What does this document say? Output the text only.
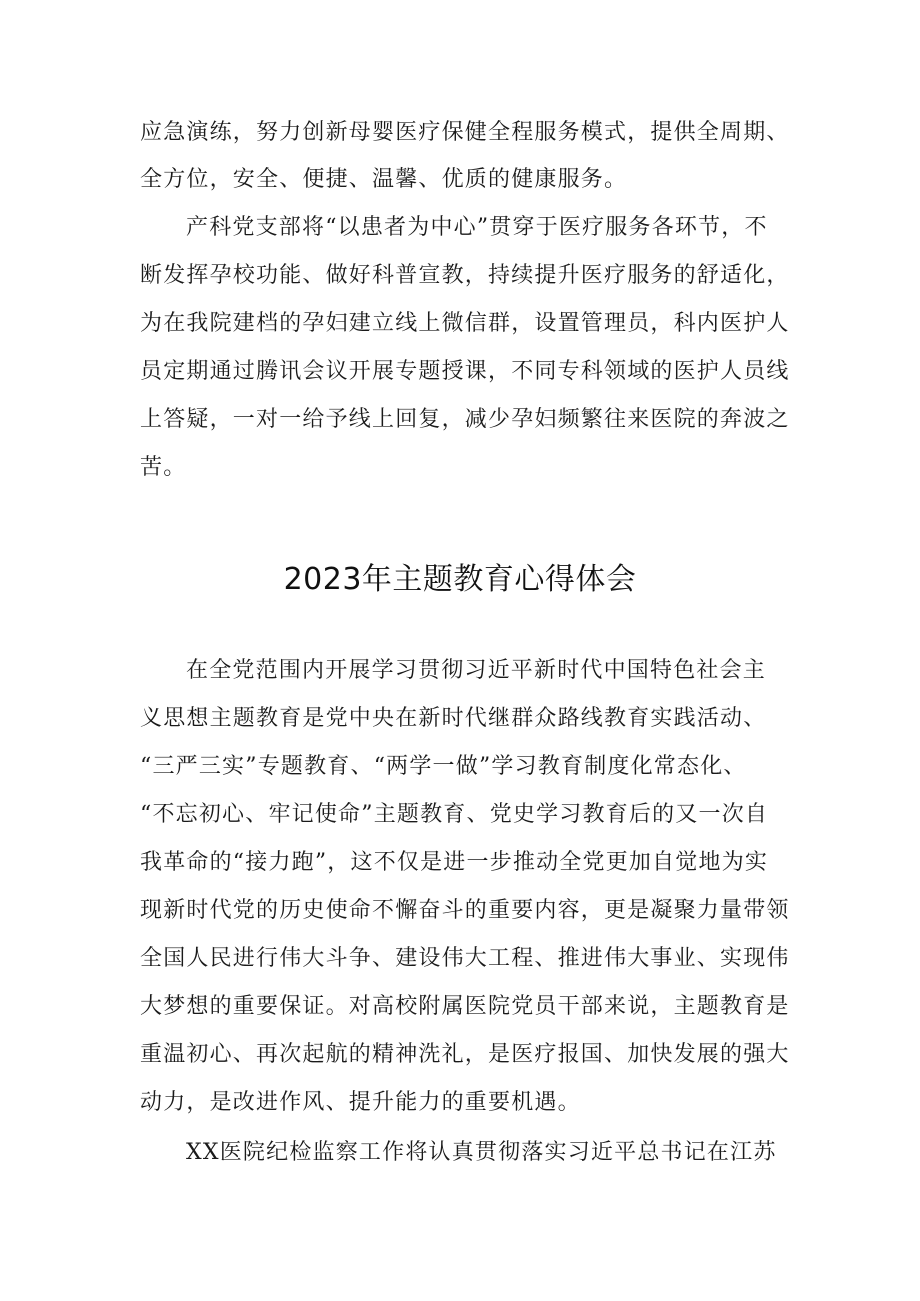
应急演练，努力创新母婴医疗保健全程服务模式，提供全周期、
全方位，安全、便捷、温馨、优质的健康服务。
产科党支部将“以患者为中心”贯穿于医疗服务各环节，不
断发挥孕校功能、做好科普宣教，持续提升医疗服务的舒适化，
为在我院建档的孕妇建立线上微信群，设置管理员，科内医护人
员定期通过腾讯会议开展专题授课，不同专科领域的医护人员线
上答疑，一对一给予线上回复，减少孕妇频繁往来医院的奔波之
苦。
2023年主题教育心得体会
在全党范围内开展学习贯彻习近平新时代中国特色社会主
义思想主题教育是党中央在新时代继群众路线教育实践活动、
“三严三实”专题教育、“两学一做”学习教育制度化常态化、
“不忘初心、牢记使命”主题教育、党史学习教育后的又一次自
我革命的“接力跑”，这不仅是进一步推动全党更加自觉地为实
现新时代党的历史使命不懈奋斗的重要内容，更是凝聚力量带领
全国人民进行伟大斗争、建设伟大工程、推进伟大事业、实现伟
大梦想的重要保证。对高校附属医院党员干部来说，主题教育是
重温初心、再次起航的精神洗礼，是医疗报国、加快发展的强大
动力，是改进作风、提升能力的重要机遇。
XX医院纪检监察工作将认真贯彻落实习近平总书记在江苏
